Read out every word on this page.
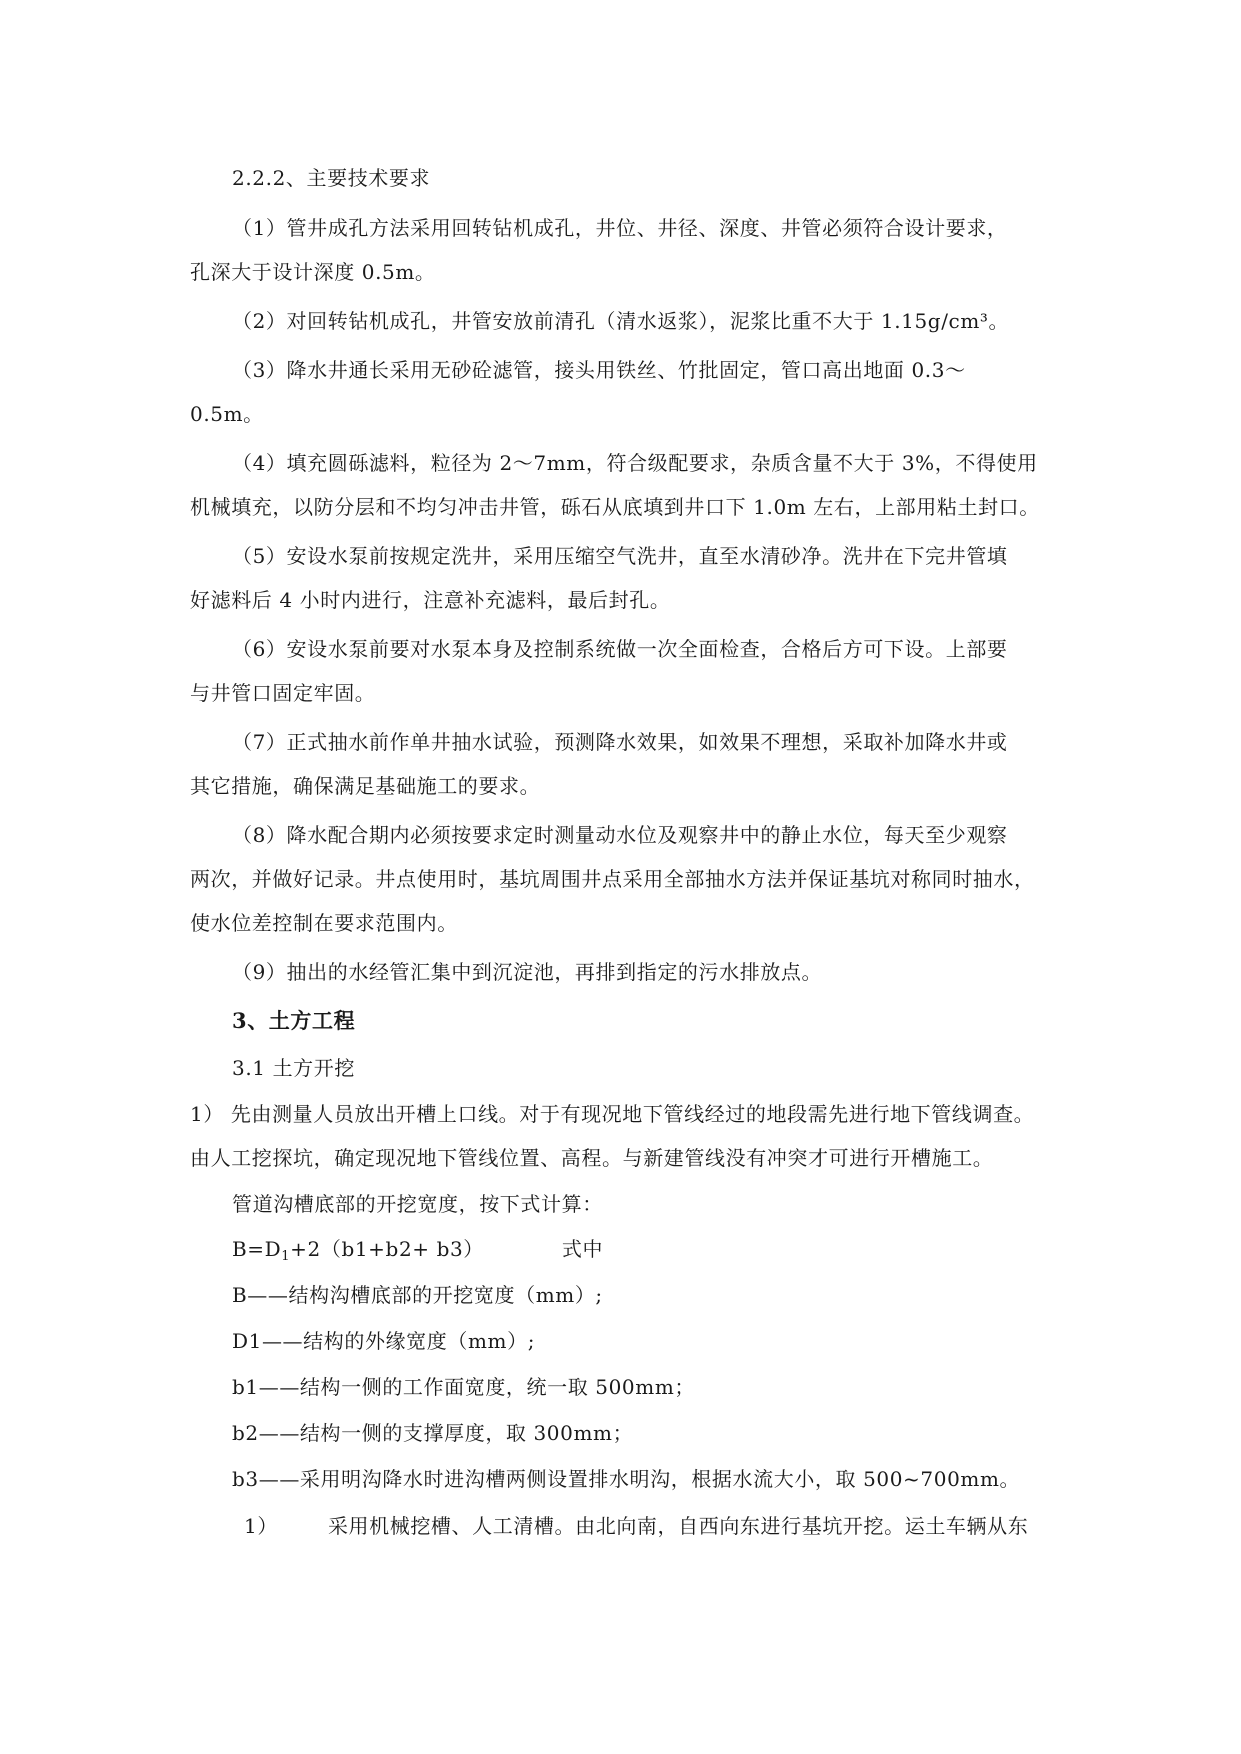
2.2.2、主要技术要求
（1）管井成孔方法采用回转钻机成孔，井位、井径、深度、井管必须符合设计要求，
孔深大于设计深度 0.5m。
（2）对回转钻机成孔，井管安放前清孔（清水返浆），泥浆比重不大于 1.15g/cm³。
（3）降水井通长采用无砂砼滤管，接头用铁丝、竹批固定，管口高出地面 0.3～
0.5m。
（4）填充圆砾滤料，粒径为 2～7mm，符合级配要求，杂质含量不大于 3%，不得使用
机械填充，以防分层和不均匀冲击井管，砾石从底填到井口下 1.0m 左右，上部用粘土封口。
（5）安设水泵前按规定洗井，采用压缩空气洗井，直至水清砂净。洗井在下完井管填
好滤料后 4 小时内进行，注意补充滤料，最后封孔。
（6）安设水泵前要对水泵本身及控制系统做一次全面检查，合格后方可下设。上部要
与井管口固定牢固。
（7）正式抽水前作单井抽水试验，预测降水效果，如效果不理想，采取补加降水井或
其它措施，确保满足基础施工的要求。
（8）降水配合期内必须按要求定时测量动水位及观察井中的静止水位，每天至少观察
两次，并做好记录。井点使用时，基坑周围井点采用全部抽水方法并保证基坑对称同时抽水，
使水位差控制在要求范围内。
（9）抽出的水经管汇集中到沉淀池，再排到指定的污水排放点。
3、土方工程
3.1 土方开挖
1） 先由测量人员放出开槽上口线。对于有现况地下管线经过的地段需先进行地下管线调查。
由人工挖探坑，确定现况地下管线位置、高程。与新建管线没有冲突才可进行开槽施工。
管道沟槽底部的开挖宽度，按下式计算：
$B=D_1+2(b1+b2+ b3)$	式中
B——结构沟槽底部的开挖宽度（mm）;
D1——结构的外缘宽度（mm）;
b1——结构一侧的工作面宽度，统一取 500mm；
b2——结构一侧的支撑厚度，取 300mm；
b3——采用明沟降水时进沟槽两侧设置排水明沟，根据水流大小，取 500~700mm。
1）	采用机械挖槽、人工清槽。由北向南，自西向东进行基坑开挖。运土车辆从东
